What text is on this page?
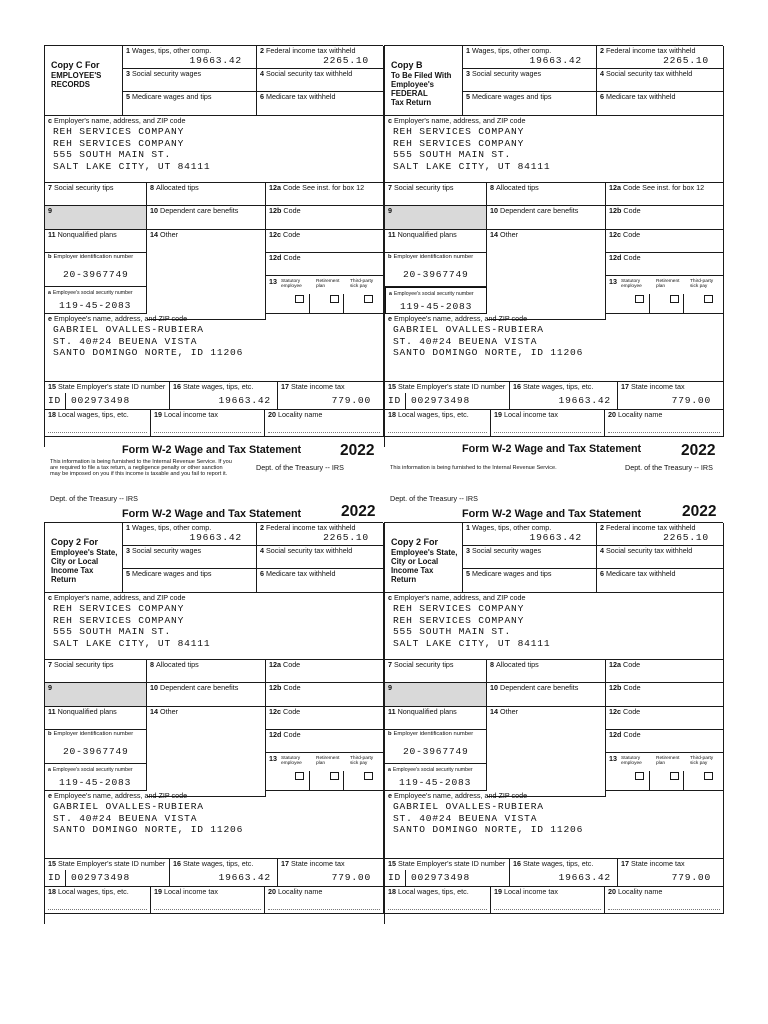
Copy C For
EMPLOYEE'S
RECORDS
1 Wages, tips, other comp.
19663.42
2 Federal income tax withheld
2265.10
3 Social security wages	4 Social security tax withheld
5 Medicare wages and tips	6 Medicare tax withheld
c Employer's name, address, and ZIP code
REH SERVICES COMPANY
REH SERVICES COMPANY
555 SOUTH MAIN ST.
SALT LAKE CITY, UT 84111
7 Social security tips	8 Allocated tips	12a Code See inst. for box 12
9	10 Dependent care benefits	12b Code
11 Nonqualified plans	14 Other	12c Code
b Employer identification number
20-3967749
12d Code
a Employee's social security number
119-45-2083
13 Statutory
employee
Retirement
plan
Third-party
sick pay
e Employee's name, address, and ZIP code
GABRIEL OVALLES-RUBIERA
ST. 40#24 BEUENA VISTA
SANTO DOMINGO NORTE, ID 11206
15 State Employer's state ID number
ID 002973498
16 State wages, tips, etc.
19663.42
17 State income tax
779.00
18 Local wages, tips, etc.	19 Local income tax	20 Locality name
Copy B
To Be Filed With
Employee's
FEDERAL
Tax Return
1 Wages, tips, other comp.
19663.42
2 Federal income tax withheld
2265.10
3 Social security wages	4 Social security tax withheld
5 Medicare wages and tips	6 Medicare tax withheld
c Employer's name, address, and ZIP code
REH SERVICES COMPANY
REH SERVICES COMPANY
555 SOUTH MAIN ST.
SALT LAKE CITY, UT 84111
7 Social security tips	8 Allocated tips	12a Code See inst. for box 12
9	10 Dependent care benefits	12b Code
11 Nonqualified plans	14 Other	12c Code
b Employer identification number
20-3967749
12d Code
a Employee's social security number
119-45-2083
13 Statutory
employee
Retirement
plan
Third-party
sick pay
e Employee's name, address, and ZIP code
GABRIEL OVALLES-RUBIERA
ST. 40#24 BEUENA VISTA
SANTO DOMINGO NORTE, ID 11206
15 State Employer's state ID number
ID 002973498
16 State wages, tips, etc.
19663.42
17 State income tax
779.00
18 Local wages, tips, etc.	19 Local income tax	20 Locality name
Copy 2 For
Employee's State,
City or Local
Income Tax
Return
1 Wages, tips, other comp.
19663.42
2 Federal income tax withheld
2265.10
3 Social security wages	4 Social security tax withheld
5 Medicare wages and tips	6 Medicare tax withheld
c Employer's name, address, and ZIP code
REH SERVICES COMPANY
REH SERVICES COMPANY
555 SOUTH MAIN ST.
SALT LAKE CITY, UT 84111
7 Social security tips	8 Allocated tips	12a Code
9	10 Dependent care benefits	12b Code
11 Nonqualified plans	14 Other	12c Code
b Employer identification number
20-3967749
12d Code
a Employee's social security number
119-45-2083
13 Statutory
employee
Retirement
plan
Third-party
sick pay
e Employee's name, address, and ZIP code
GABRIEL OVALLES-RUBIERA
ST. 40#24 BEUENA VISTA
SANTO DOMINGO NORTE, ID 11206
15 State Employer's state ID number
ID 002973498
16 State wages, tips, etc.
19663.42
17 State income tax
779.00
18 Local wages, tips, etc.	19 Local income tax	20 Locality name
Copy 2 For
Employee's State,
City or Local
Income Tax
Return
1 Wages, tips, other comp.
19663.42
2 Federal income tax withheld
2265.10
3 Social security wages	4 Social security tax withheld
5 Medicare wages and tips	6 Medicare tax withheld
c Employer's name, address, and ZIP code
REH SERVICES COMPANY
REH SERVICES COMPANY
555 SOUTH MAIN ST.
SALT LAKE CITY, UT 84111
7 Social security tips	8 Allocated tips	12a Code
9	10 Dependent care benefits	12b Code
11 Nonqualified plans	14 Other	12c Code
b Employer identification number
20-3967749
12d Code
a Employee's social security number
119-45-2083
13 Statutory
employee
Retirement
plan
Third-party
sick pay
e Employee's name, address, and ZIP code
GABRIEL OVALLES-RUBIERA
ST. 40#24 BEUENA VISTA
SANTO DOMINGO NORTE, ID 11206
15 State Employer's state ID number
ID 002973498
16 State wages, tips, etc.
19663.42
17 State income tax
779.00
18 Local wages, tips, etc.	19 Local income tax	20 Locality name
Form W-2 Wage and Tax Statement	2022
This information is being furnished to the Internal Revenue Service. If you
are required to file a tax return, a negligence penalty or other sanction
may be imposed on you if this income is taxable and you fail to report it.
Dept. of the Treasury -- IRS
Form W-2 Wage and Tax Statement	2022
This information is being furnished to the Internal Revenue Service.	Dept. of the Treasury -- IRS
Dept. of the Treasury -- IRS
Form W-2 Wage and Tax Statement	2022
Dept. of the Treasury -- IRS
Form W-2 Wage and Tax Statement	2022
